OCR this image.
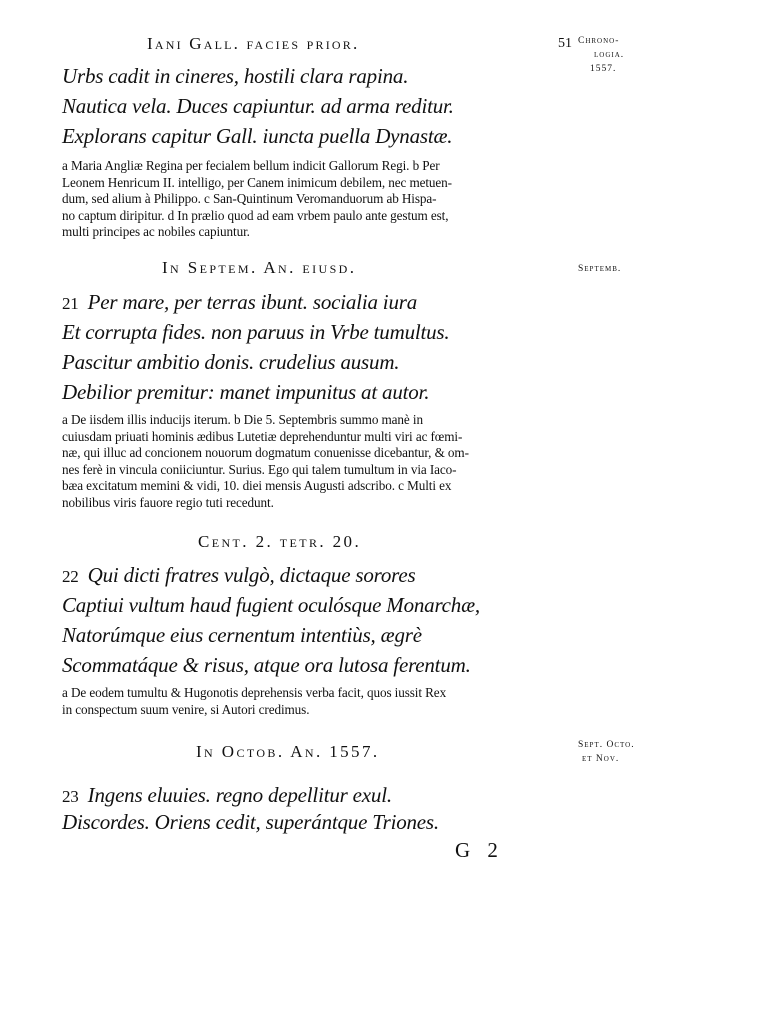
Iani Gall. facies prior.	51 Chrono-
logia.
1557.
Urbs cadit in cineres, hostili clara rapina.
Nautica vela. Duces capiuntur. ad arma reditur.
Explorans capitur Gall. iuncta puella Dynastæ.

a Maria Angliæ Regina per fecialem bellum indicit Gallorum Regi. b Per

Leonem Henricum II. intelligo, per Canem inimicum debilem, nec metuen-

dum, sed alium à Philippo. c San-Quintinum Veromanduorum ab Hispa-

no captum diripitur. d In prælio quod ad eam vrbem paulo ante gestum est,

multi principes ac nobiles capiuntur.

In Septem. An. eiusd.	Septemb.
21 Per mare, per terras ibunt. socialia iura
Et corrupta fides. non paruus in Vrbe tumultus.
Pascitur ambitio donis. crudelius ausum.
Debilior premitur: manet impunitus at autor.

a De iisdem illis inducijs iterum. b Die 5. Septembris summo manè in

cuiusdam priuati hominis ædibus Lutetiæ deprehenduntur multi viri ac fœmi-

næ, qui illuc ad concionem nouorum dogmatum conuenisse dicebantur, & om-

nes ferè in vincula coniiciuntur. Surius. Ego qui talem tumultum in via Iaco-

bæa excitatum memini & vidi, 10. diei mensis Augusti adscribo. c Multi ex

nobilibus viris fauore regio tuti recedunt.

Cent. 2. tetr. 20.
22 Qui dicti fratres vulgò, dictaque sorores
Captiui vultum haud fugient oculósque Monarchæ,
Natorúmque eius cernentum intentiùs, ægrè
Scommatáque & risus, atque ora lutosa ferentum.

a De eodem tumultu & Hugonotis deprehensis verba facit, quos iussit Rex

in conspectum suum venire, si Autori credimus.

In Octob. An. 1557.	Sept. Octo.
et Nov.
23 Ingens eluuies. regno depellitur exul.
Discordes. Oriens cedit, superántque Triones.
G 2
